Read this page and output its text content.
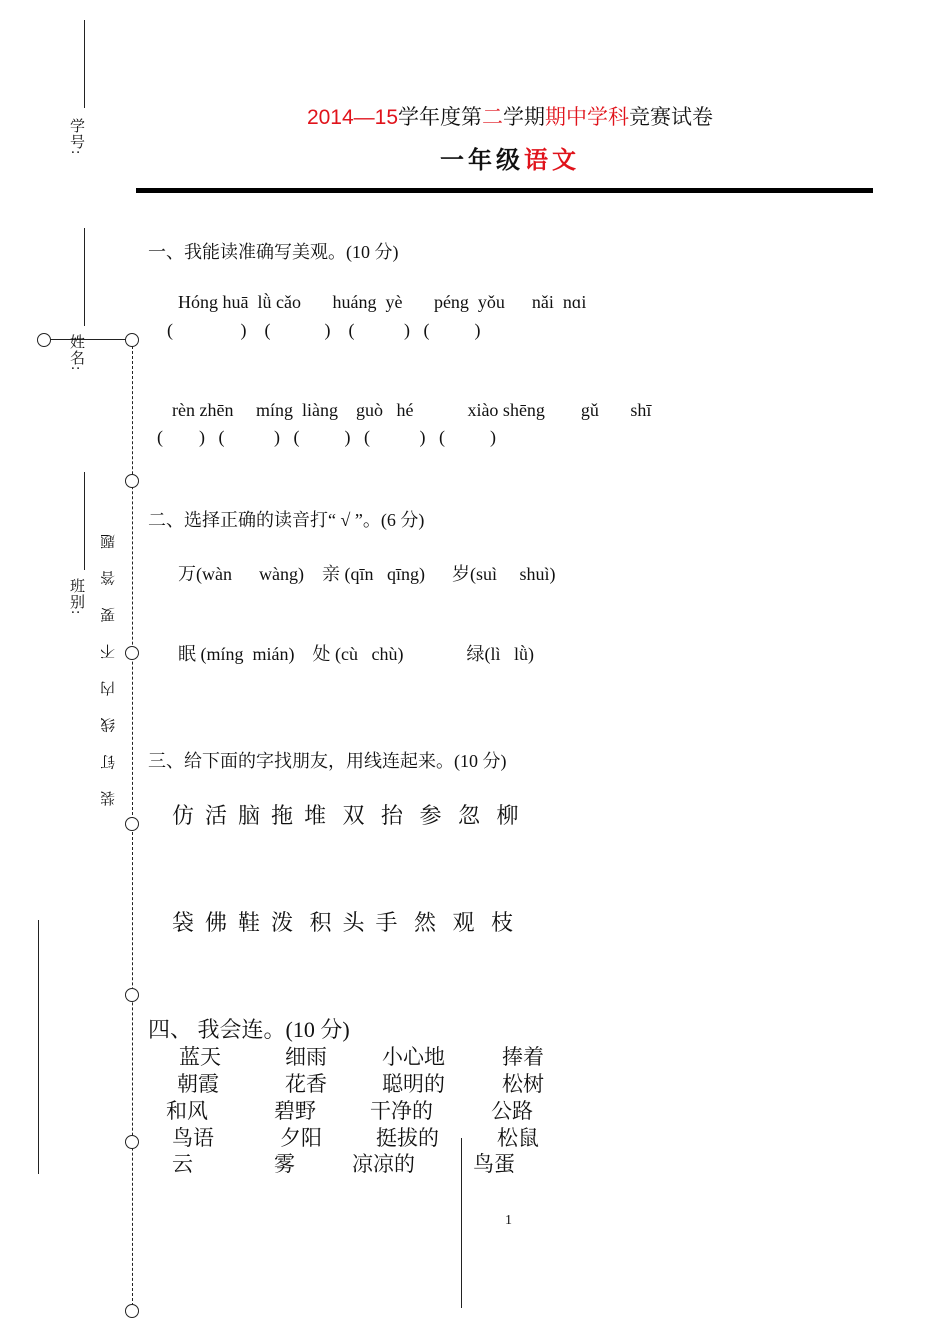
学号:
姓名:
班别: 装 钉 线 内 不 要 答 题
2014—15学年度第二学期期中学科竞赛试卷
一年级语文
一、我能读准确写美观。(10 分)
Hóng huā  lǜ cǎo       huáng  yè       péng  yǒu      nǎi  nɑi
(               )    (            )    (           )   (          )
rèn zhēn     míng  liàng    guò   hé            xiào shēng        gǔ       shī
(        )   (           )   (          )   (           )   (          )
二、选择正确的读音打“ √ ”。(6 分)
万(wàn      wàng)    亲 (qīn   qīng)      岁(suì     shuì)
眠 (míng  mián)    处 (cù   chù)              绿(lì   lǜ)
三、给下面的字找朋友，用线连起来。(10 分)
仿  活  脑  拖  堆   双   抬   参   忽   柳
袋  佛  鞋  泼   积  头  手   然   观   枝
四、 我会连。(10 分)
蓝天
朝霞
和风
鸟语
云
细雨
花香
碧野
夕阳
雾
小心地
聪明的
干净的
挺拔的
凉凉的
捧着
松树
公路
松鼠
鸟蛋
1
